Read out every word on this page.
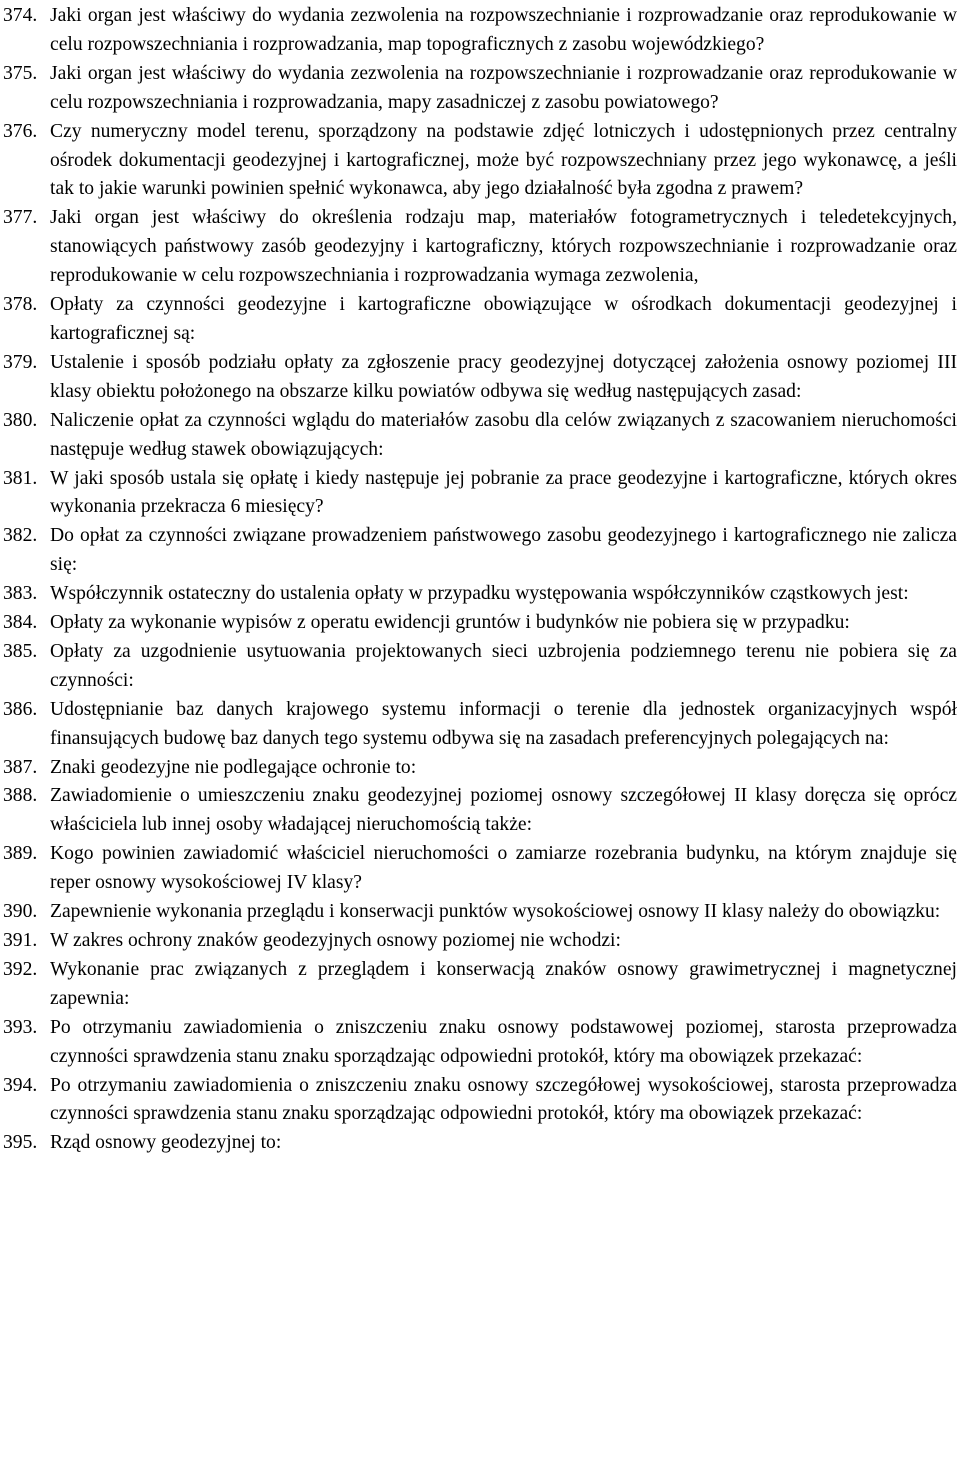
374. Jaki organ jest właściwy do wydania zezwolenia na rozpowszechnianie i rozprowadzanie oraz reprodukowanie w celu rozpowszechniania i rozprowadzania, map topograficznych z zasobu wojewódzkiego?
375. Jaki organ jest właściwy do wydania zezwolenia na rozpowszechnianie i rozprowadzanie oraz reprodukowanie w celu rozpowszechniania i rozprowadzania, mapy zasadniczej z zasobu powiatowego?
376. Czy numeryczny model terenu, sporządzony na podstawie zdjęć lotniczych i udostępnionych przez centralny ośrodek dokumentacji geodezyjnej i kartograficznej, może być rozpowszechniany przez jego wykonawcę, a jeśli tak to jakie warunki powinien spełnić wykonawca, aby jego działalność była zgodna z prawem?
377. Jaki organ jest właściwy do określenia rodzaju map, materiałów fotogrametrycznych i teledetekcyjnych, stanowiących państwowy zasób geodezyjny i kartograficzny, których rozpowszechnianie i rozprowadzanie oraz reprodukowanie w celu rozpowszechniania i rozprowadzania wymaga zezwolenia,
378. Opłaty za czynności geodezyjne i kartograficzne obowiązujące w ośrodkach dokumentacji geodezyjnej i kartograficznej są:
379. Ustalenie i sposób podziału opłaty za zgłoszenie pracy geodezyjnej dotyczącej założenia osnowy poziomej III klasy obiektu położonego na obszarze kilku powiatów odbywa się według następujących zasad:
380. Naliczenie opłat za czynności wglądu do materiałów zasobu dla celów związanych z szacowaniem nieruchomości następuje według stawek obowiązujących:
381. W jaki sposób ustala się opłatę i kiedy następuje jej pobranie za prace geodezyjne i kartograficzne, których okres wykonania przekracza 6 miesięcy?
382. Do opłat za czynności związane prowadzeniem państwowego zasobu geodezyjnego i kartograficznego nie zalicza się:
383. Współczynnik ostateczny do ustalenia opłaty w przypadku występowania współczynników cząstkowych jest:
384. Opłaty za wykonanie wypisów z operatu ewidencji gruntów i budynków nie pobiera się w przypadku:
385. Opłaty za uzgodnienie usytuowania projektowanych sieci uzbrojenia podziemnego terenu nie pobiera się za czynności:
386. Udostępnianie baz danych krajowego systemu informacji o terenie dla jednostek organizacyjnych współ finansujących budowę baz danych tego systemu odbywa się na zasadach preferencyjnych polegających na:
387. Znaki geodezyjne nie podlegające ochronie to:
388. Zawiadomienie o umieszczeniu znaku geodezyjnej poziomej osnowy szczegółowej II klasy doręcza się oprócz właściciela lub innej osoby władającej nieruchomością także:
389. Kogo powinien zawiadomić właściciel nieruchomości o zamiarze rozebrania budynku, na którym znajduje się reper osnowy wysokościowej IV klasy?
390. Zapewnienie wykonania przeglądu i konserwacji punktów wysokościowej osnowy II klasy należy do obowiązku:
391. W zakres ochrony znaków geodezyjnych osnowy poziomej nie wchodzi:
392. Wykonanie prac związanych z przeglądem i konserwacją znaków osnowy grawimetrycznej i magnetycznej zapewnia:
393. Po otrzymaniu zawiadomienia o zniszczeniu znaku osnowy podstawowej poziomej, starosta przeprowadza czynności sprawdzenia stanu znaku sporządzając odpowiedni protokół, który ma obowiązek przekazać:
394. Po otrzymaniu zawiadomienia o zniszczeniu znaku osnowy szczegółowej wysokościowej, starosta przeprowadza czynności sprawdzenia stanu znaku sporządzając odpowiedni protokół, który ma obowiązek przekazać:
395. Rząd osnowy geodezyjnej to:
